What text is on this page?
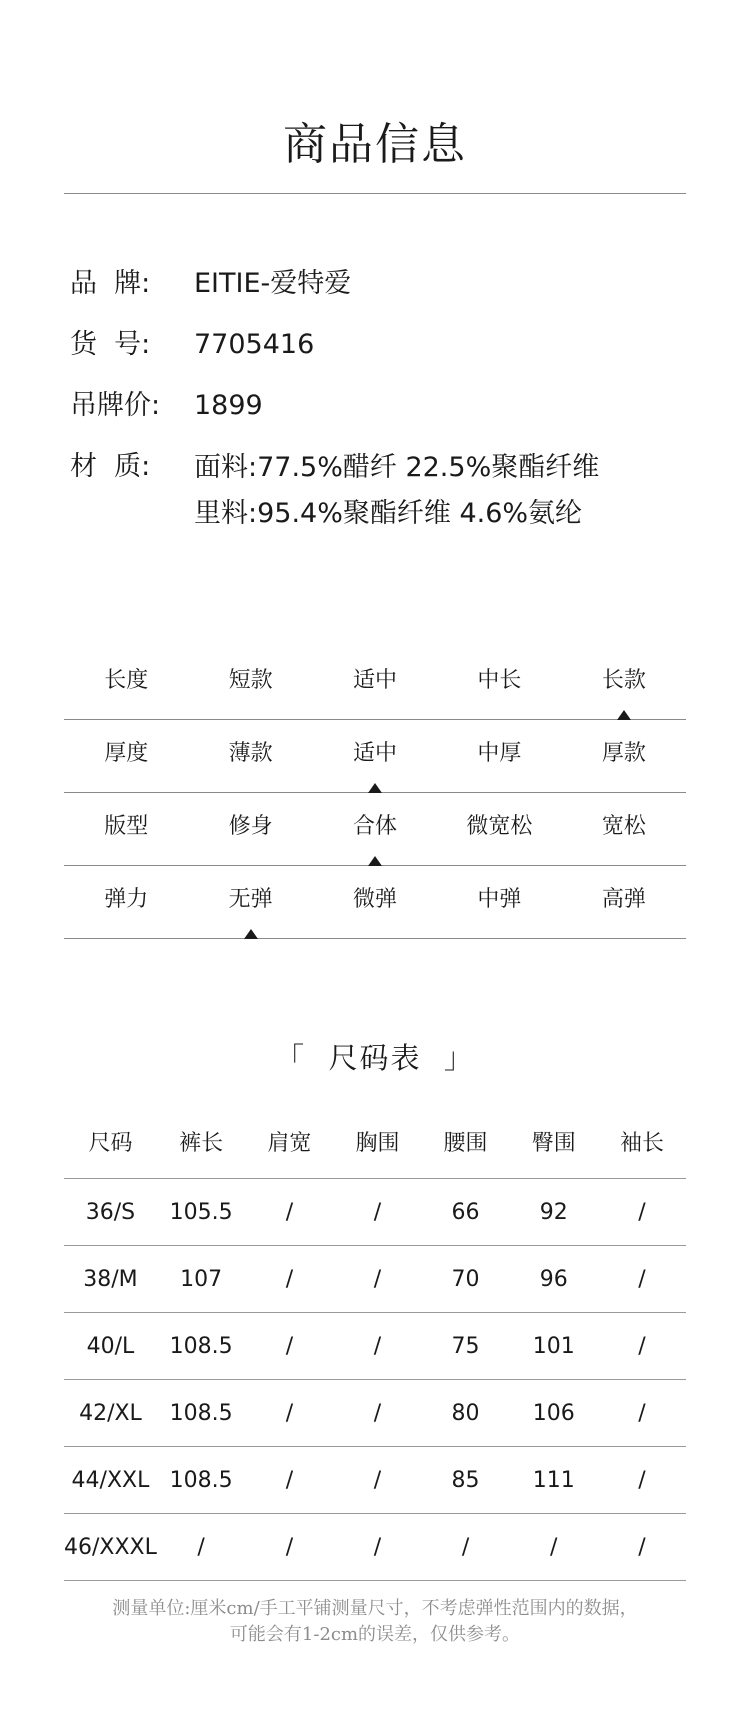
商品信息
品  牌:	EITIE-爱特爱
货  号:	7705416
吊牌价:	1899
材  质:	面料:77.5%醋纤 22.5%聚酯纤维
里料:95.4%聚酯纤维 4.6%氨纶
长度	短款	适中	中长	长款
厚度	薄款	适中	中厚	厚款
版型	修身	合体	微宽松	宽松
弹力	无弹	微弹	中弹	高弹
「  尺码表  」
尺码	裤长	肩宽	胸围	腰围	臀围	袖长
36/S	105.5	/	/	66	92	/
38/M	107	/	/	70	96	/
40/L	108.5	/	/	75	101	/
42/XL	108.5	/	/	80	106	/
44/XXL	108.5	/	/	85	111	/
46/XXXL	/	/	/	/	/	/
测量单位:厘米cm/手工平铺测量尺寸，不考虑弹性范围内的数据，
可能会有1-2cm的误差，仅供参考。
